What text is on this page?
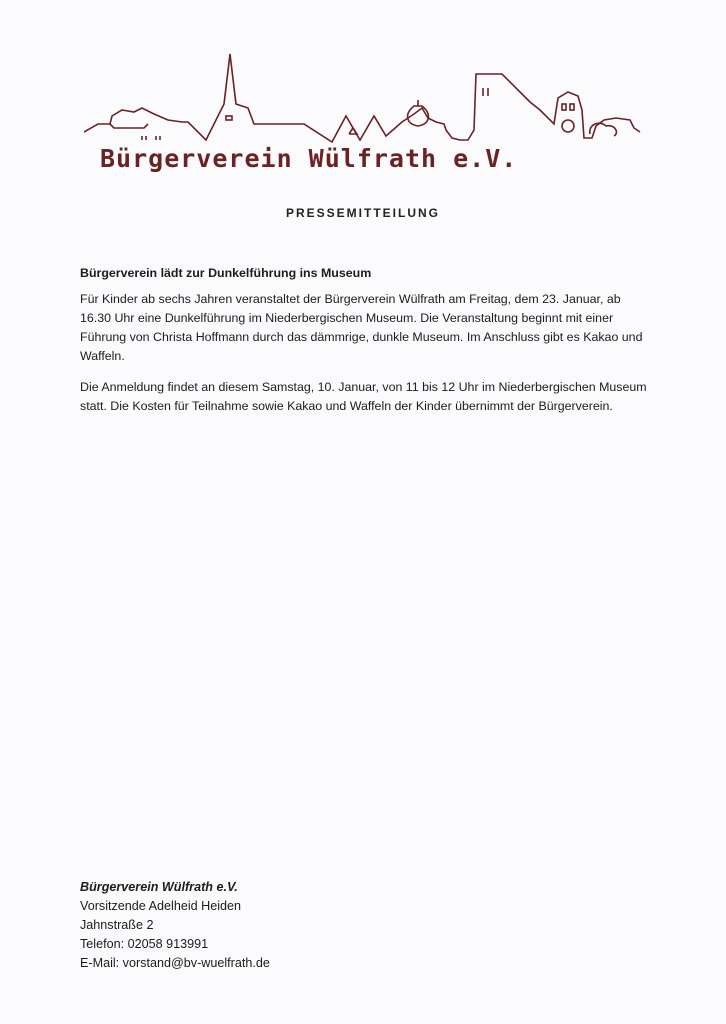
Bürgerverein Wülfrath e.V.
PRESSEMITTEILUNG

Bürgerverein lädt zur Dunkelführung ins Museum

Für Kinder ab sechs Jahren veranstaltet der Bürgerverein Wülfrath am Freitag, dem 23. Januar, ab 16.30 Uhr eine Dunkelführung im Niederbergischen Museum. Die Veranstaltung beginnt mit einer Führung von Christa Hoffmann durch das dämmrige, dunkle Museum. Im Anschluss gibt es Kakao und Waffeln.

Die Anmeldung findet an diesem Samstag, 10. Januar, von 11 bis 12 Uhr im Niederbergischen Museum statt. Die Kosten für Teilnahme sowie Kakao und Waffeln der Kinder übernimmt der Bürgerverein.

Bürgerverein Wülfrath e.V.
Vorsitzende Adelheid Heiden
Jahnstraße 2
Telefon: 02058 913991
E-Mail: vorstand@bv-wuelfrath.de
